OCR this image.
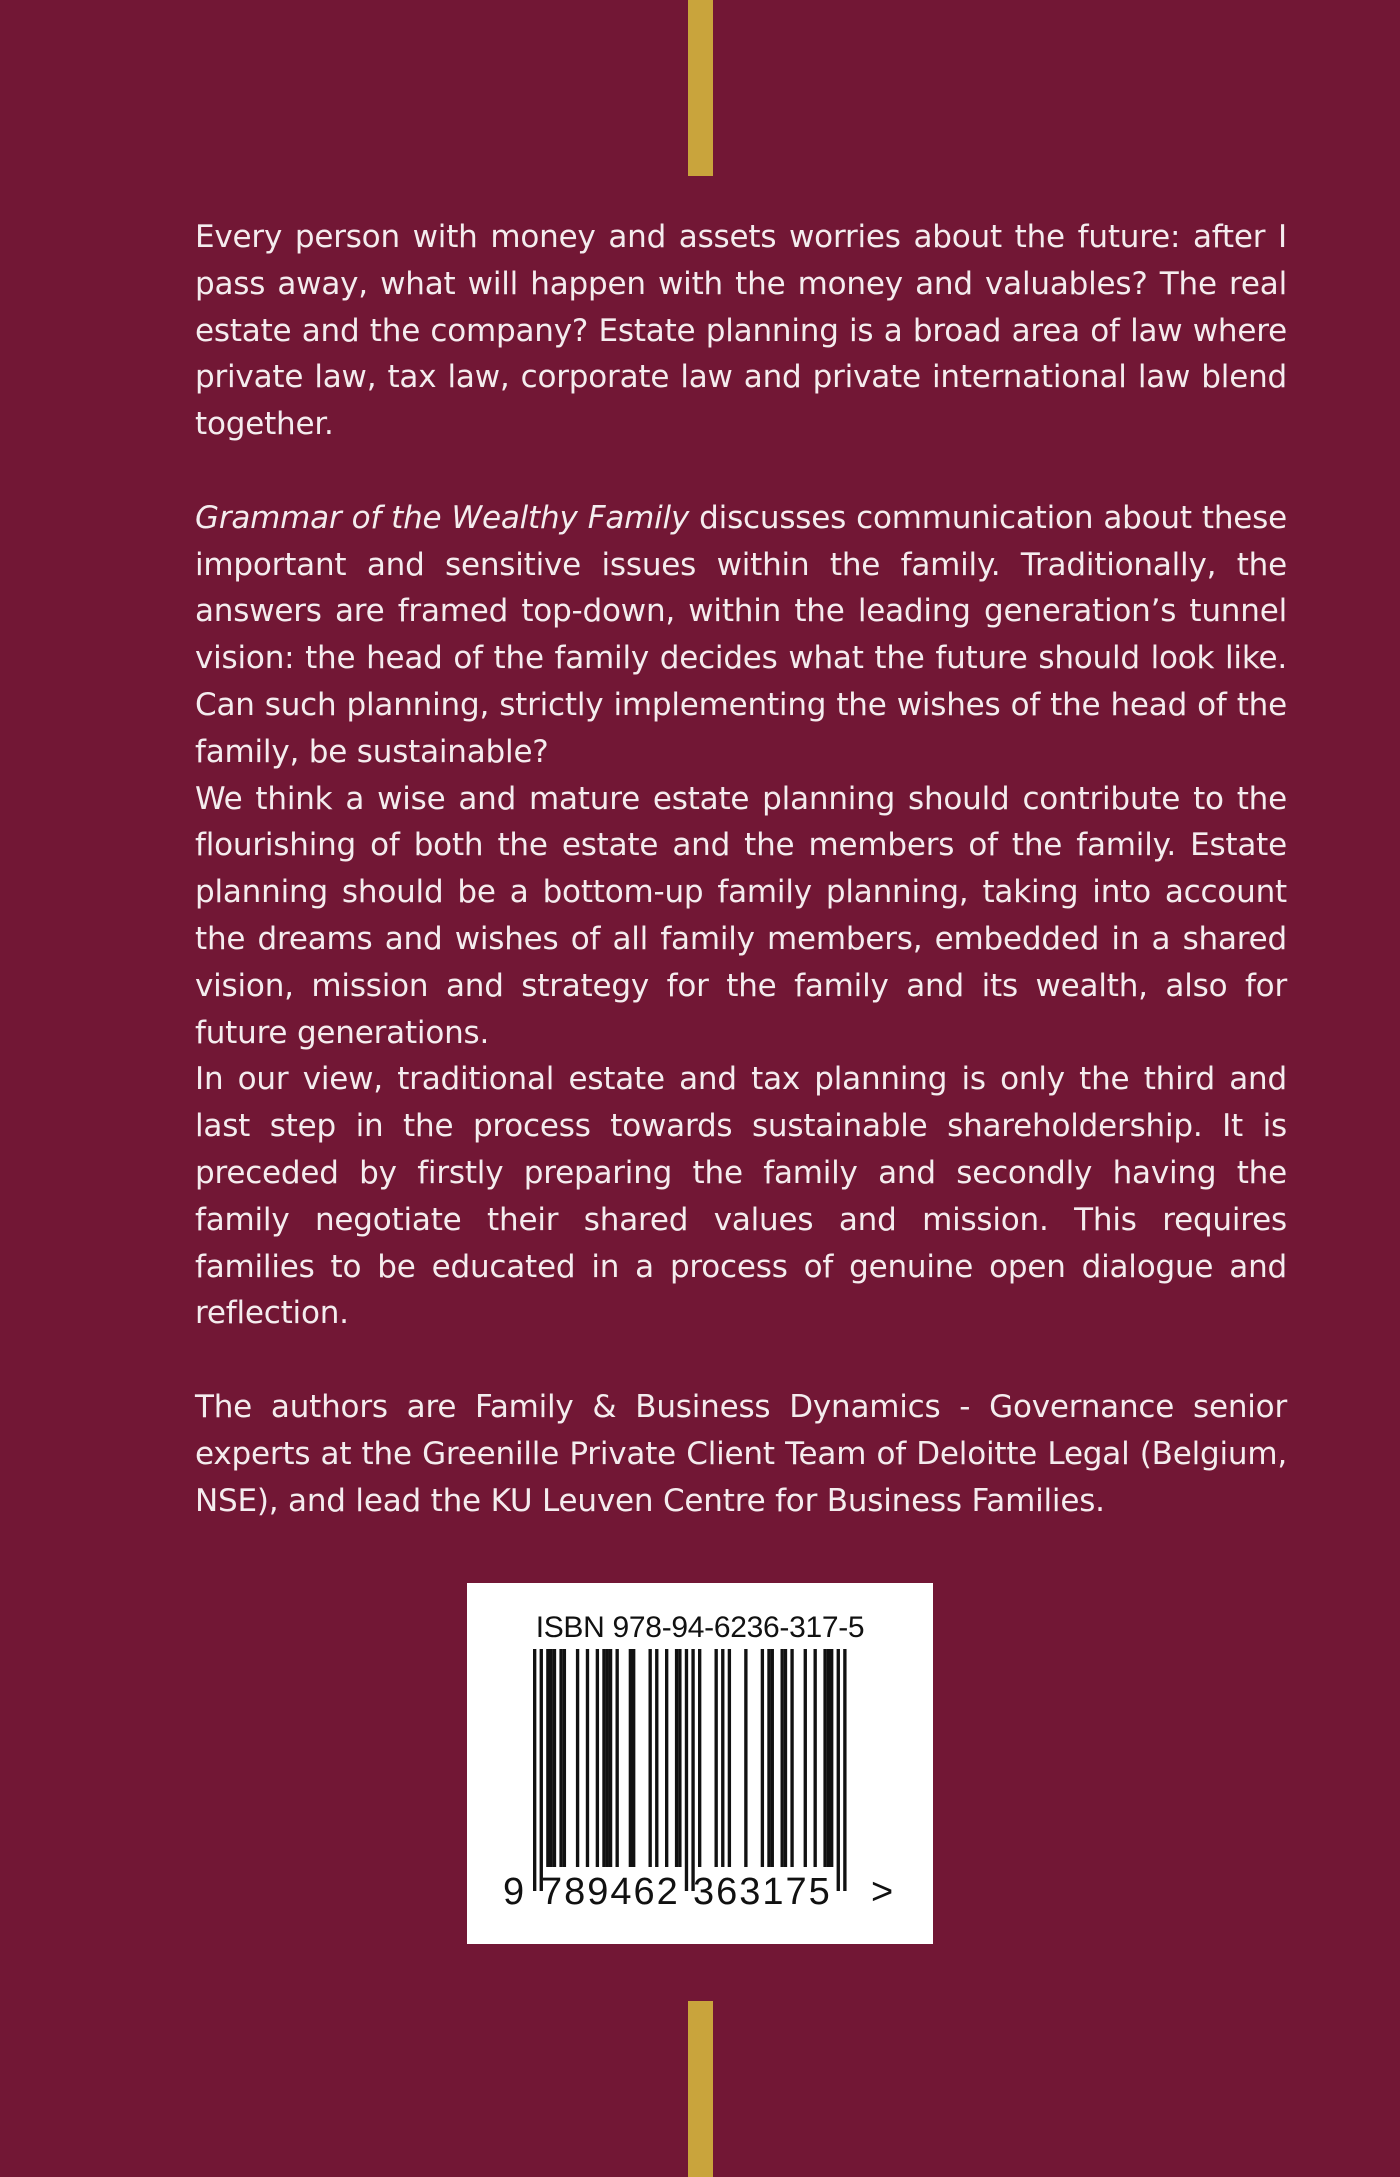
Every person with money and assets worries about the future: after I pass away, what will happen with the money and valuables? The real estate and the company? Estate planning is a broad area of law where private law, tax law, corporate law and private international law blend together.

Grammar of the Wealthy Family discusses communication about these important and sensitive issues within the family. Traditionally, the answers are framed top-down, within the leading generation’s tunnel vision: the head of the family decides what the future should look like. Can such planning, strictly implementing the wishes of the head of the family, be sustainable?

We think a wise and mature estate planning should contribute to the flourishing of both the estate and the members of the family. Estate planning should be a bottom-up family planning, taking into account the dreams and wishes of all family members, embedded in a shared vision, mission and strategy for the family and its wealth, also for future generations.

In our view, traditional estate and tax planning is only the third and last step in the process towards sustainable shareholdership. It is preceded by firstly preparing the family and secondly having the family negotiate their shared values and mission. This requires families to be educated in a process of genuine open dialogue and reflection.

The authors are Family & Business Dynamics - Governance senior experts at the Greenille Private Client Team of Deloitte Legal (Belgium, NSE), and lead the KU Leuven Centre for Business Families.

ISBN 978-94-6236-317-5
9 789462 363175 >
